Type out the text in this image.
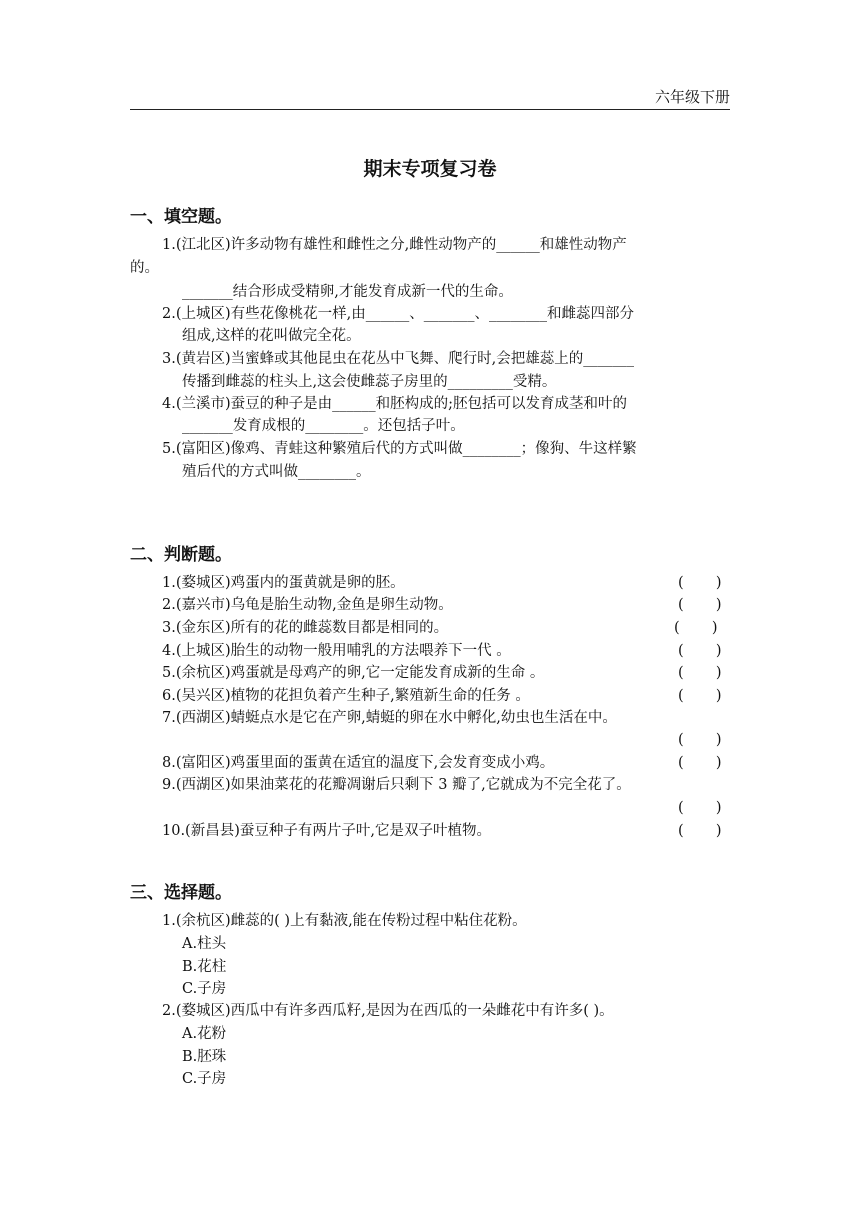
六年级下册
期末专项复习卷
一、填空题。
1.(江北区)许多动物有雄性和雌性之分,雌性动物产的______和雄性动物产
的。
_______结合形成受精卵,才能发育成新一代的生命。
2.(上城区)有些花像桃花一样,由______、_______、________和雌蕊四部分
组成,这样的花叫做完全花。
3.(黄岩区)当蜜蜂或其他昆虫在花丛中飞舞、爬行时,会把雄蕊上的_______
传播到雌蕊的柱头上,这会使雌蕊子房里的_________受精。
4.(兰溪市)蚕豆的种子是由______和胚构成的;胚包括可以发育成茎和叶的
_______发育成根的________。还包括子叶。
5.(富阳区)像鸡、青蛙这种繁殖后代的方式叫做________；像狗、牛这样繁
殖后代的方式叫做________。
二、判断题。
1.(婺城区)鸡蛋内的蛋黄就是卵的胚。	(       )
2.(嘉兴市)乌龟是胎生动物,金鱼是卵生动物。	(       )
3.(金东区)所有的花的雌蕊数目都是相同的。	(       )
4.(上城区)胎生的动物一般用哺乳的方法喂养下一代 。	(       )
5.(余杭区)鸡蛋就是母鸡产的卵,它一定能发育成新的生命 。	(       )
6.(吴兴区)植物的花担负着产生种子,繁殖新生命的任务 。	(       )
7.(西湖区)蜻蜓点水是它在产卵,蜻蜓的卵在水中孵化,幼虫也生活在中。
(       )
8.(富阳区)鸡蛋里面的蛋黄在适宜的温度下,会发育变成小鸡。	(       )
9.(西湖区)如果油菜花的花瓣凋谢后只剩下 3 瓣了,它就成为不完全花了。
(       )
10.(新昌县)蚕豆种子有两片子叶,它是双子叶植物。	(       )
三、选择题。
1.(余杭区)雌蕊的( )上有黏液,能在传粉过程中粘住花粉。
A.柱头
B.花柱
C.子房
2.(婺城区)西瓜中有许多西瓜籽,是因为在西瓜的一朵雌花中有许多( )。
A.花粉
B.胚珠
C.子房
